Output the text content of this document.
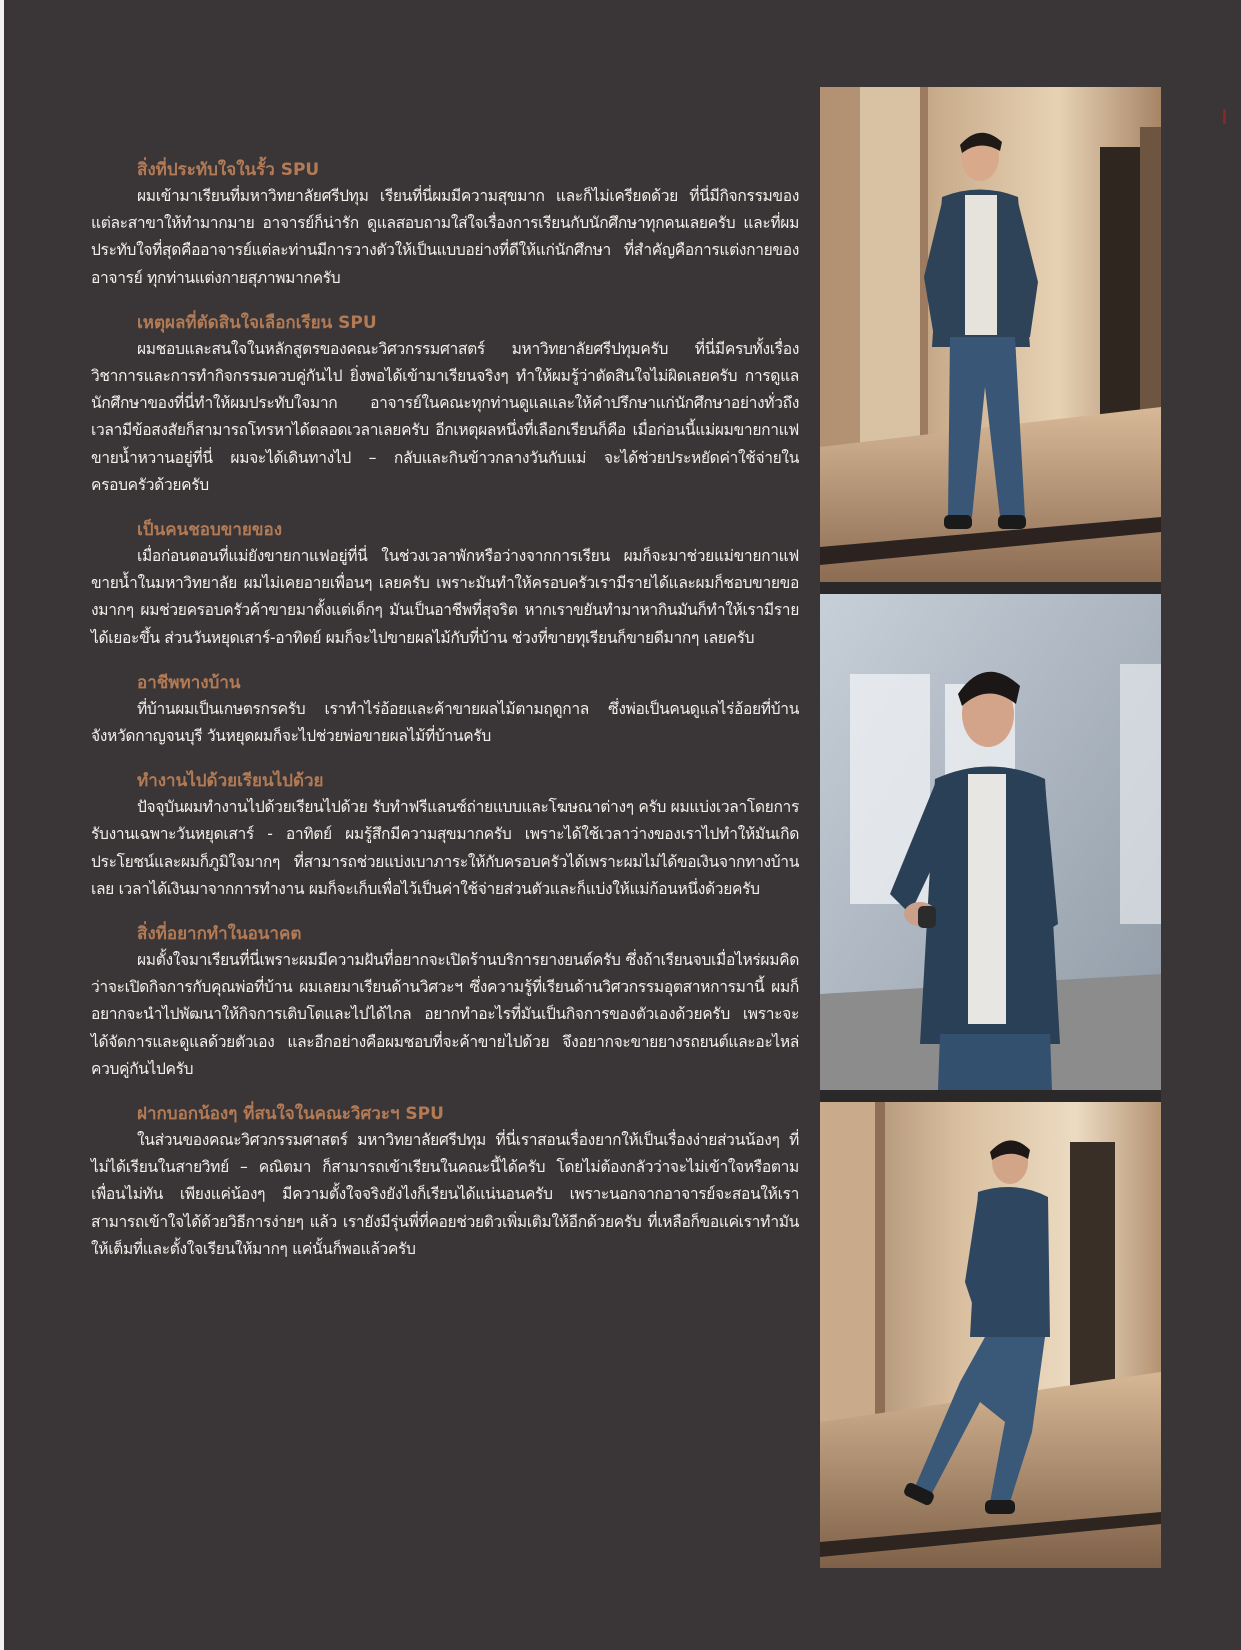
สิ่งที่ประทับใจในรั้ว SPU

ผมเข้ามาเรียนที่มหาวิทยาลัยศรีปทุม เรียนที่นี่ผมมีความสุขมาก และก็ไม่เครียดด้วย ที่นี่มีกิจกรรมของแต่ละสาขาให้ทำมากมาย อาจารย์ก็น่ารัก ดูแลสอบถามใส่ใจเรื่องการเรียนกับนักศึกษาทุกคนเลยครับ และที่ผมประทับใจที่สุดคืออาจารย์แต่ละท่านมีการวางตัวให้เป็นแบบอย่างที่ดีให้แก่นักศึกษา ที่สำคัญคือการแต่งกายของอาจารย์ ทุกท่านแต่งกายสุภาพมากครับ

เหตุผลที่ตัดสินใจเลือกเรียน SPU

ผมชอบและสนใจในหลักสูตรของคณะวิศวกรรมศาสตร์ มหาวิทยาลัยศรีปทุมครับ ที่นี่มีครบทั้งเรื่องวิชาการและการทำกิจกรรมควบคู่กันไป ยิ่งพอได้เข้ามาเรียนจริงๆ ทำให้ผมรู้ว่าตัดสินใจไม่ผิดเลยครับ การดูแลนักศึกษาของที่นี่ทำให้ผมประทับใจมาก อาจารย์ในคณะทุกท่านดูแลและให้คำปรึกษาแก่นักศึกษาอย่างทั่วถึง เวลามีข้อสงสัยก็สามารถโทรหาได้ตลอดเวลาเลยครับ อีกเหตุผลหนึ่งที่เลือกเรียนก็คือ เมื่อก่อนนี้แม่ผมขายกาแฟ ขายน้ำหวานอยู่ที่นี่ ผมจะได้เดินทางไป – กลับและกินข้าวกลางวันกับแม่ จะได้ช่วยประหยัดค่าใช้จ่ายในครอบครัวด้วยครับ

เป็นคนชอบขายของ

เมื่อก่อนตอนที่แม่ยังขายกาแฟอยู่ที่นี่ ในช่วงเวลาพักหรือว่างจากการเรียน ผมก็จะมาช่วยแม่ขายกาแฟ ขายน้ำในมหาวิทยาลัย ผมไม่เคยอายเพื่อนๆ เลยครับ เพราะมันทำให้ครอบครัวเรามีรายได้และผมก็ชอบขายของมากๆ ผมช่วยครอบครัวค้าขายมาตั้งแต่เด็กๆ มันเป็นอาชีพที่สุจริต หากเราขยันทำมาหากินมันก็ทำให้เรามีรายได้เยอะขึ้น ส่วนวันหยุดเสาร์-อาทิตย์ ผมก็จะไปขายผลไม้กับที่บ้าน ช่วงที่ขายทุเรียนก็ขายดีมากๆ เลยครับ

อาชีพทางบ้าน

ที่บ้านผมเป็นเกษตรกรครับ เราทำไร่อ้อยและค้าขายผลไม้ตามฤดูกาล ซึ่งพ่อเป็นคนดูแลไร่อ้อยที่บ้าน จังหวัดกาญจนบุรี วันหยุดผมก็จะไปช่วยพ่อขายผลไม้ที่บ้านครับ

ทำงานไปด้วยเรียนไปด้วย

ปัจจุบันผมทำงานไปด้วยเรียนไปด้วย รับทำฟรีแลนซ์ถ่ายแบบและโฆษณาต่างๆ ครับ ผมแบ่งเวลาโดยการรับงานเฉพาะวันหยุดเสาร์ - อาทิตย์ ผมรู้สึกมีความสุขมากครับ เพราะได้ใช้เวลาว่างของเราไปทำให้มันเกิดประโยชน์และผมก็ภูมิใจมากๆ ที่สามารถช่วยแบ่งเบาภาระให้กับครอบครัวได้เพราะผมไม่ได้ขอเงินจากทางบ้านเลย เวลาได้เงินมาจากการทำงาน ผมก็จะเก็บเพื่อไว้เป็นค่าใช้จ่ายส่วนตัวและก็แบ่งให้แม่ก้อนหนึ่งด้วยครับ

สิ่งที่อยากทำในอนาคต

ผมตั้งใจมาเรียนที่นี่เพราะผมมีความฝันที่อยากจะเปิดร้านบริการยางยนต์ครับ ซึ่งถ้าเรียนจบเมื่อไหร่ผมคิดว่าจะเปิดกิจการกับคุณพ่อที่บ้าน ผมเลยมาเรียนด้านวิศวะฯ ซึ่งความรู้ที่เรียนด้านวิศวกรรมอุตสาหการมานี้ ผมก็อยากจะนำไปพัฒนาให้กิจการเติบโตและไปได้ไกล อยากทำอะไรที่มันเป็นกิจการของตัวเองด้วยครับ เพราะจะได้จัดการและดูแลด้วยตัวเอง และอีกอย่างคือผมชอบที่จะค้าขายไปด้วย จึงอยากจะขายยางรถยนต์และอะไหล่ควบคู่กันไปครับ

ฝากบอกน้องๆ ที่สนใจในคณะวิศวะฯ SPU

ในส่วนของคณะวิศวกรรมศาสตร์ มหาวิทยาลัยศรีปทุม ที่นี่เราสอนเรื่องยากให้เป็นเรื่องง่ายส่วนน้องๆ ที่ไม่ได้เรียนในสายวิทย์ – คณิตมา ก็สามารถเข้าเรียนในคณะนี้ได้ครับ โดยไม่ต้องกลัวว่าจะไม่เข้าใจหรือตามเพื่อนไม่ทัน เพียงแค่น้องๆ มีความตั้งใจจริงยังไงก็เรียนได้แน่นอนครับ เพราะนอกจากอาจารย์จะสอนให้เราสามารถเข้าใจได้ด้วยวิธีการง่ายๆ แล้ว เรายังมีรุ่นพี่ที่คอยช่วยติวเพิ่มเติมให้อีกด้วยครับ ที่เหลือก็ขอแค่เราทำมันให้เต็มที่และตั้งใจเรียนให้มากๆ แค่นั้นก็พอแล้วครับ
